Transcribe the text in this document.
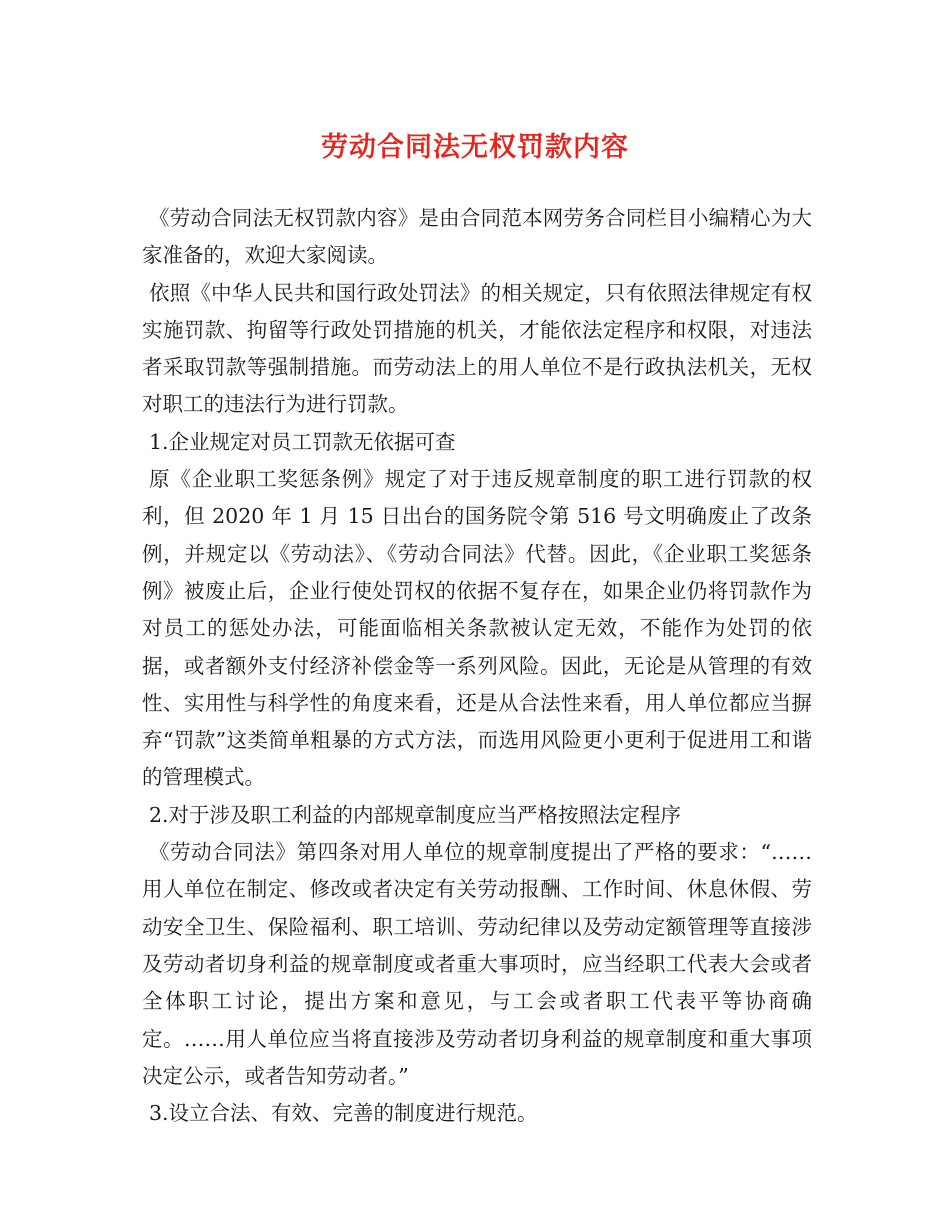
劳动合同法无权罚款内容

《劳动合同法无权罚款内容》是由合同范本网劳务合同栏目小编精心为大家准备的，欢迎大家阅读。

依照《中华人民共和国行政处罚法》的相关规定，只有依照法律规定有权实施罚款、拘留等行政处罚措施的机关，才能依法定程序和权限，对违法者采取罚款等强制措施。而劳动法上的用人单位不是行政执法机关，无权对职工的违法行为进行罚款。

1.企业规定对员工罚款无依据可查

原《企业职工奖惩条例》规定了对于违反规章制度的职工进行罚款的权利，但 2020 年 1 月 15 日出台的国务院令第 516 号文明确废止了改条例，并规定以《劳动法》、《劳动合同法》代替。因此，《企业职工奖惩条例》被废止后，企业行使处罚权的依据不复存在，如果企业仍将罚款作为对员工的惩处办法，可能面临相关条款被认定无效，不能作为处罚的依据，或者额外支付经济补偿金等一系列风险。因此，无论是从管理的有效性、实用性与科学性的角度来看，还是从合法性来看，用人单位都应当摒弃“罚款”这类简单粗暴的方式方法，而选用风险更小更利于促进用工和谐的管理模式。

2.对于涉及职工利益的内部规章制度应当严格按照法定程序

《劳动合同法》第四条对用人单位的规章制度提出了严格的要求：“……用人单位在制定、修改或者决定有关劳动报酬、工作时间、休息休假、劳动安全卫生、保险福利、职工培训、劳动纪律以及劳动定额管理等直接涉及劳动者切身利益的规章制度或者重大事项时，应当经职工代表大会或者全体职工讨论，提出方案和意见，与工会或者职工代表平等协商确定。……用人单位应当将直接涉及劳动者切身利益的规章制度和重大事项决定公示，或者告知劳动者。”

3.设立合法、有效、完善的制度进行规范。
